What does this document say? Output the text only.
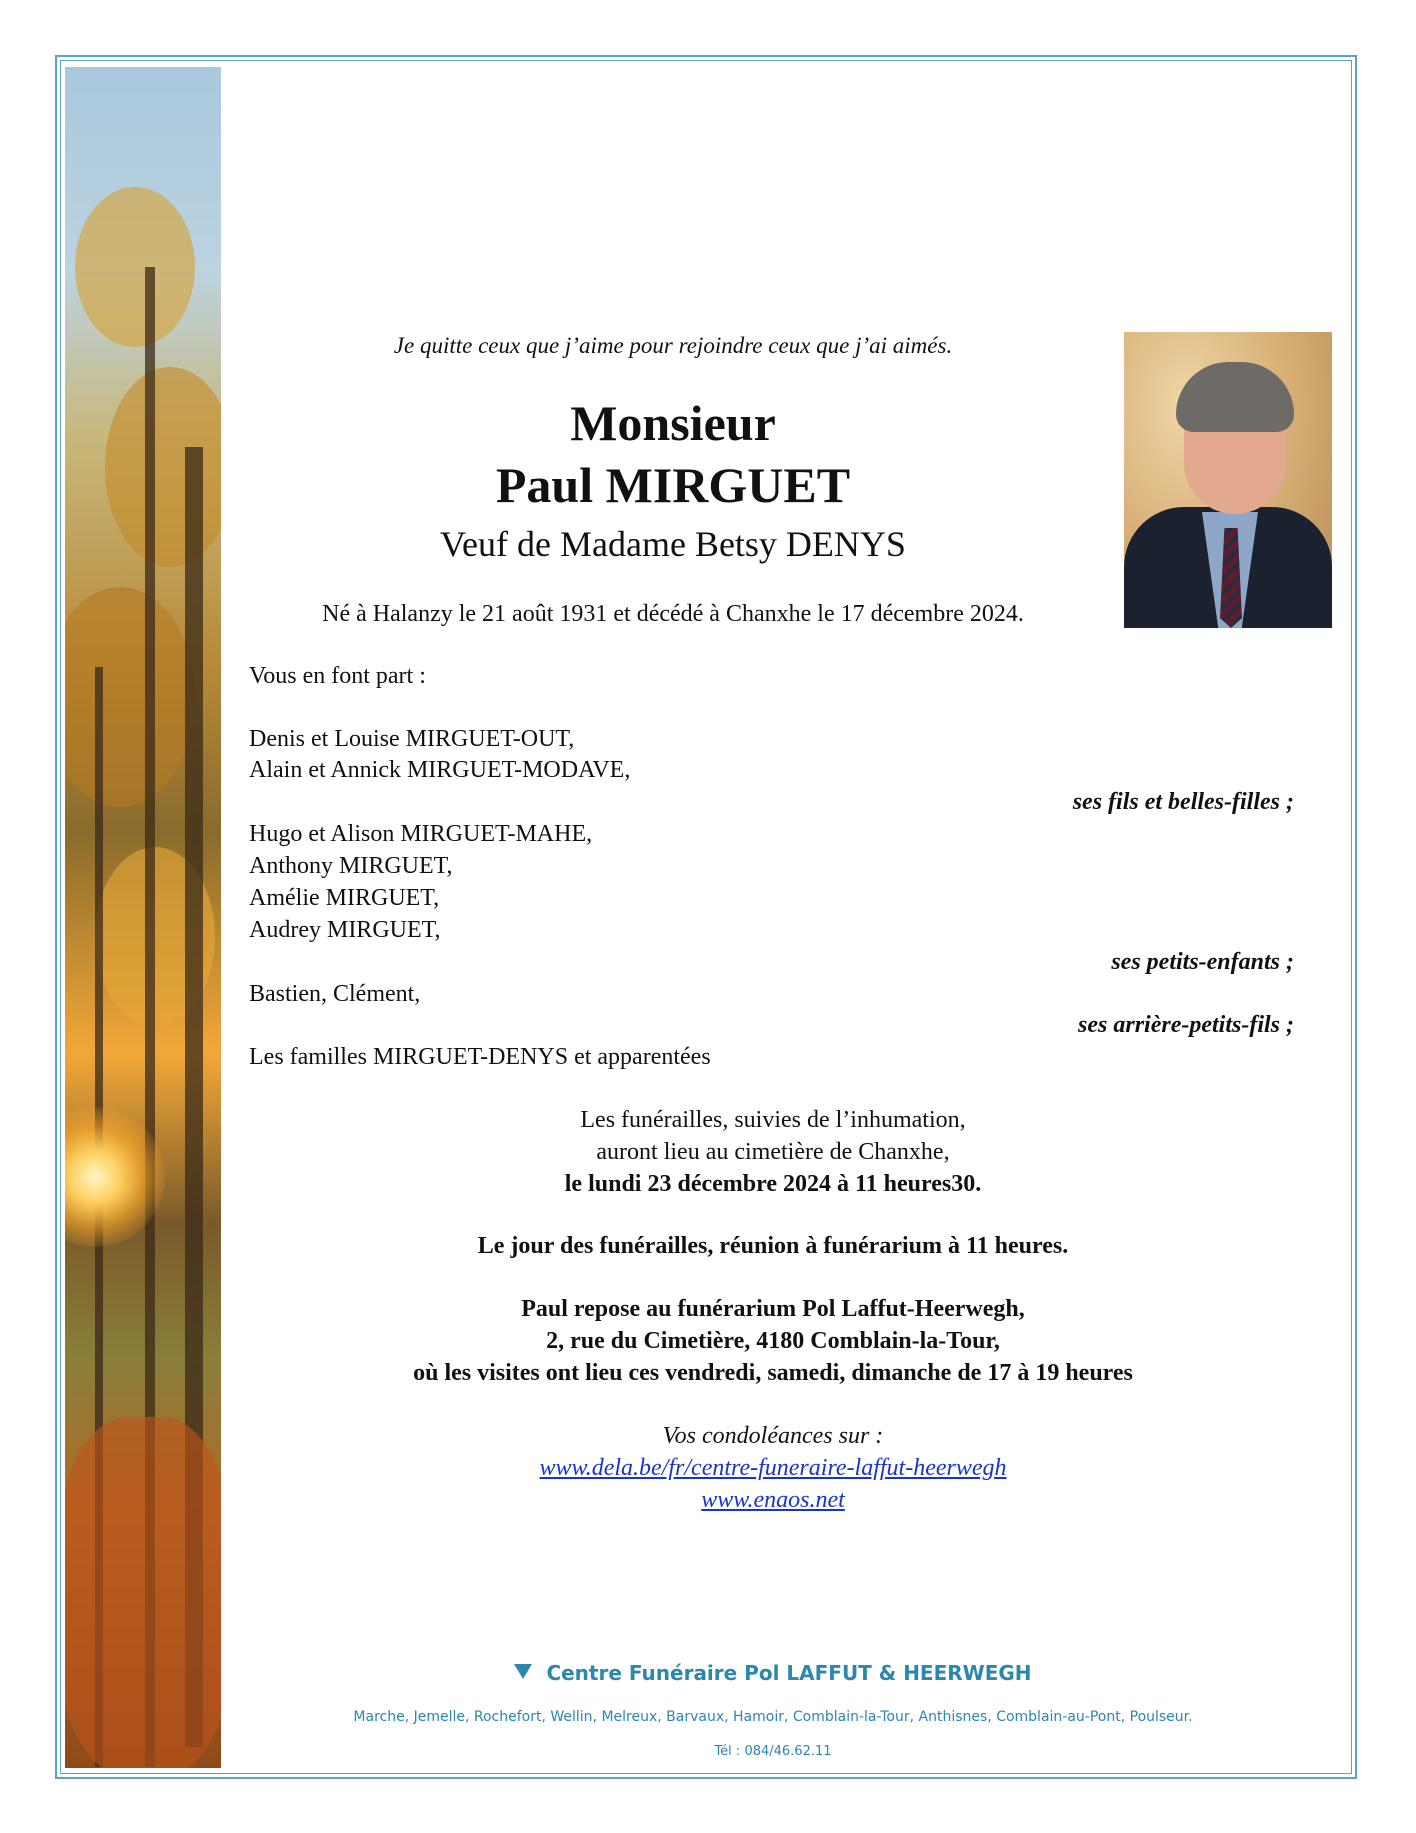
Je quitte ceux que j’aime pour rejoindre ceux que j’ai aimés.
Monsieur
Paul MIRGUET
Veuf de Madame Betsy DENYS
Né à Halanzy le 21 août 1931 et décédé à Chanxhe le 17 décembre 2024.
Vous en font part :
Denis et Louise MIRGUET-OUT,
Alain et Annick MIRGUET-MODAVE,
ses fils et belles-filles ;
Hugo et Alison MIRGUET-MAHE,
Anthony MIRGUET,
Amélie MIRGUET,
Audrey MIRGUET,
ses petits-enfants ;
Bastien, Clément,
ses arrière-petits-fils ;
Les familles MIRGUET-DENYS et apparentées
Les funérailles, suivies de l’inhumation,
auront lieu au cimetière de Chanxhe,
le lundi 23 décembre 2024 à 11 heures30.
Le jour des funérailles, réunion à funérarium à 11 heures.
Paul repose au funérarium Pol Laffut-Heerwegh,
2, rue du Cimetière, 4180 Comblain-la-Tour,
où les visites ont lieu ces vendredi, samedi, dimanche de 17 à 19 heures
Vos condoléances sur :
www.dela.be/fr/centre-funeraire-laffut-heerwegh
www.enaos.net
Centre Funéraire Pol LAFFUT & HEERWEGH
Marche, Jemelle, Rochefort, Wellin, Melreux, Barvaux, Hamoir, Comblain-la-Tour, Anthisnes, Comblain-au-Pont, Poulseur.
Tél : 084/46.62.11
